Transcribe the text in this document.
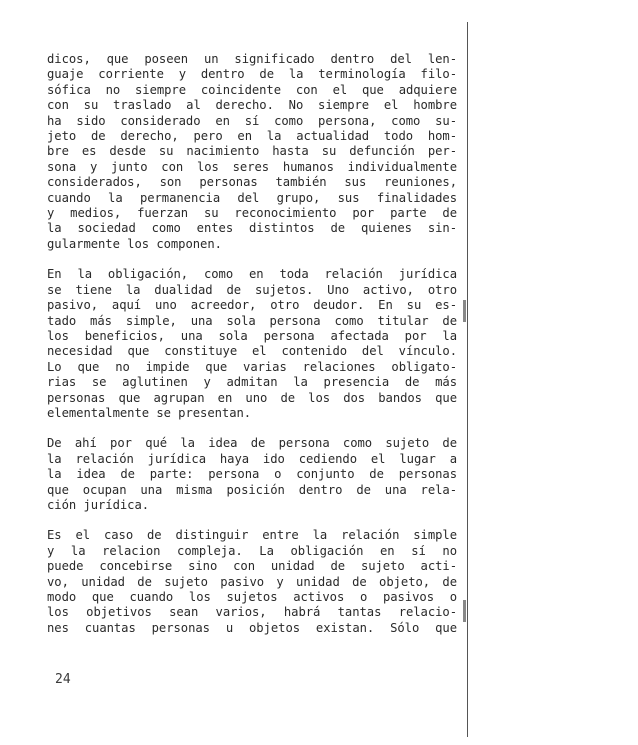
dicos, que poseen un significado dentro del len-
guaje corriente y dentro de la terminología filo-
sófica no siempre coincidente con el que adquiere
con su traslado al derecho. No siempre el hombre
ha sido considerado en sí como persona, como su-
jeto de derecho, pero en la actualidad todo hom-
bre es desde su nacimiento hasta su defunción per-
sona y junto con los seres humanos individualmente
considerados, son personas también sus reuniones,
cuando la permanencia del grupo, sus finalidades
y medios, fuerzan su reconocimiento por parte de
la sociedad como entes distintos de quienes sin-
gularmente los componen.
En la obligación, como en toda relación jurídica
se tiene la dualidad de sujetos. Uno activo, otro
pasivo, aquí uno acreedor, otro deudor. En su es-
tado más simple, una sola persona como titular de
los beneficios, una sola persona afectada por la
necesidad que constituye el contenido del vínculo.
Lo que no impide que varias relaciones obligato-
rias se aglutinen y admitan la presencia de más
personas que agrupan en uno de los dos bandos que
elementalmente se presentan.
De ahí por qué la idea de persona como sujeto de
la relación jurídica haya ido cediendo el lugar a
la idea de parte: persona o conjunto de personas
que ocupan una misma posición dentro de una rela-
ción jurídica.
Es el caso de distinguir entre la relación simple
y la relacion compleja. La obligación en sí no
puede concebirse sino con unidad de sujeto acti-
vo, unidad de sujeto pasivo y unidad de objeto, de
modo que cuando los sujetos activos o pasivos o
los objetivos sean varios, habrá tantas relacio-
nes cuantas personas u objetos existan. Sólo que
24
